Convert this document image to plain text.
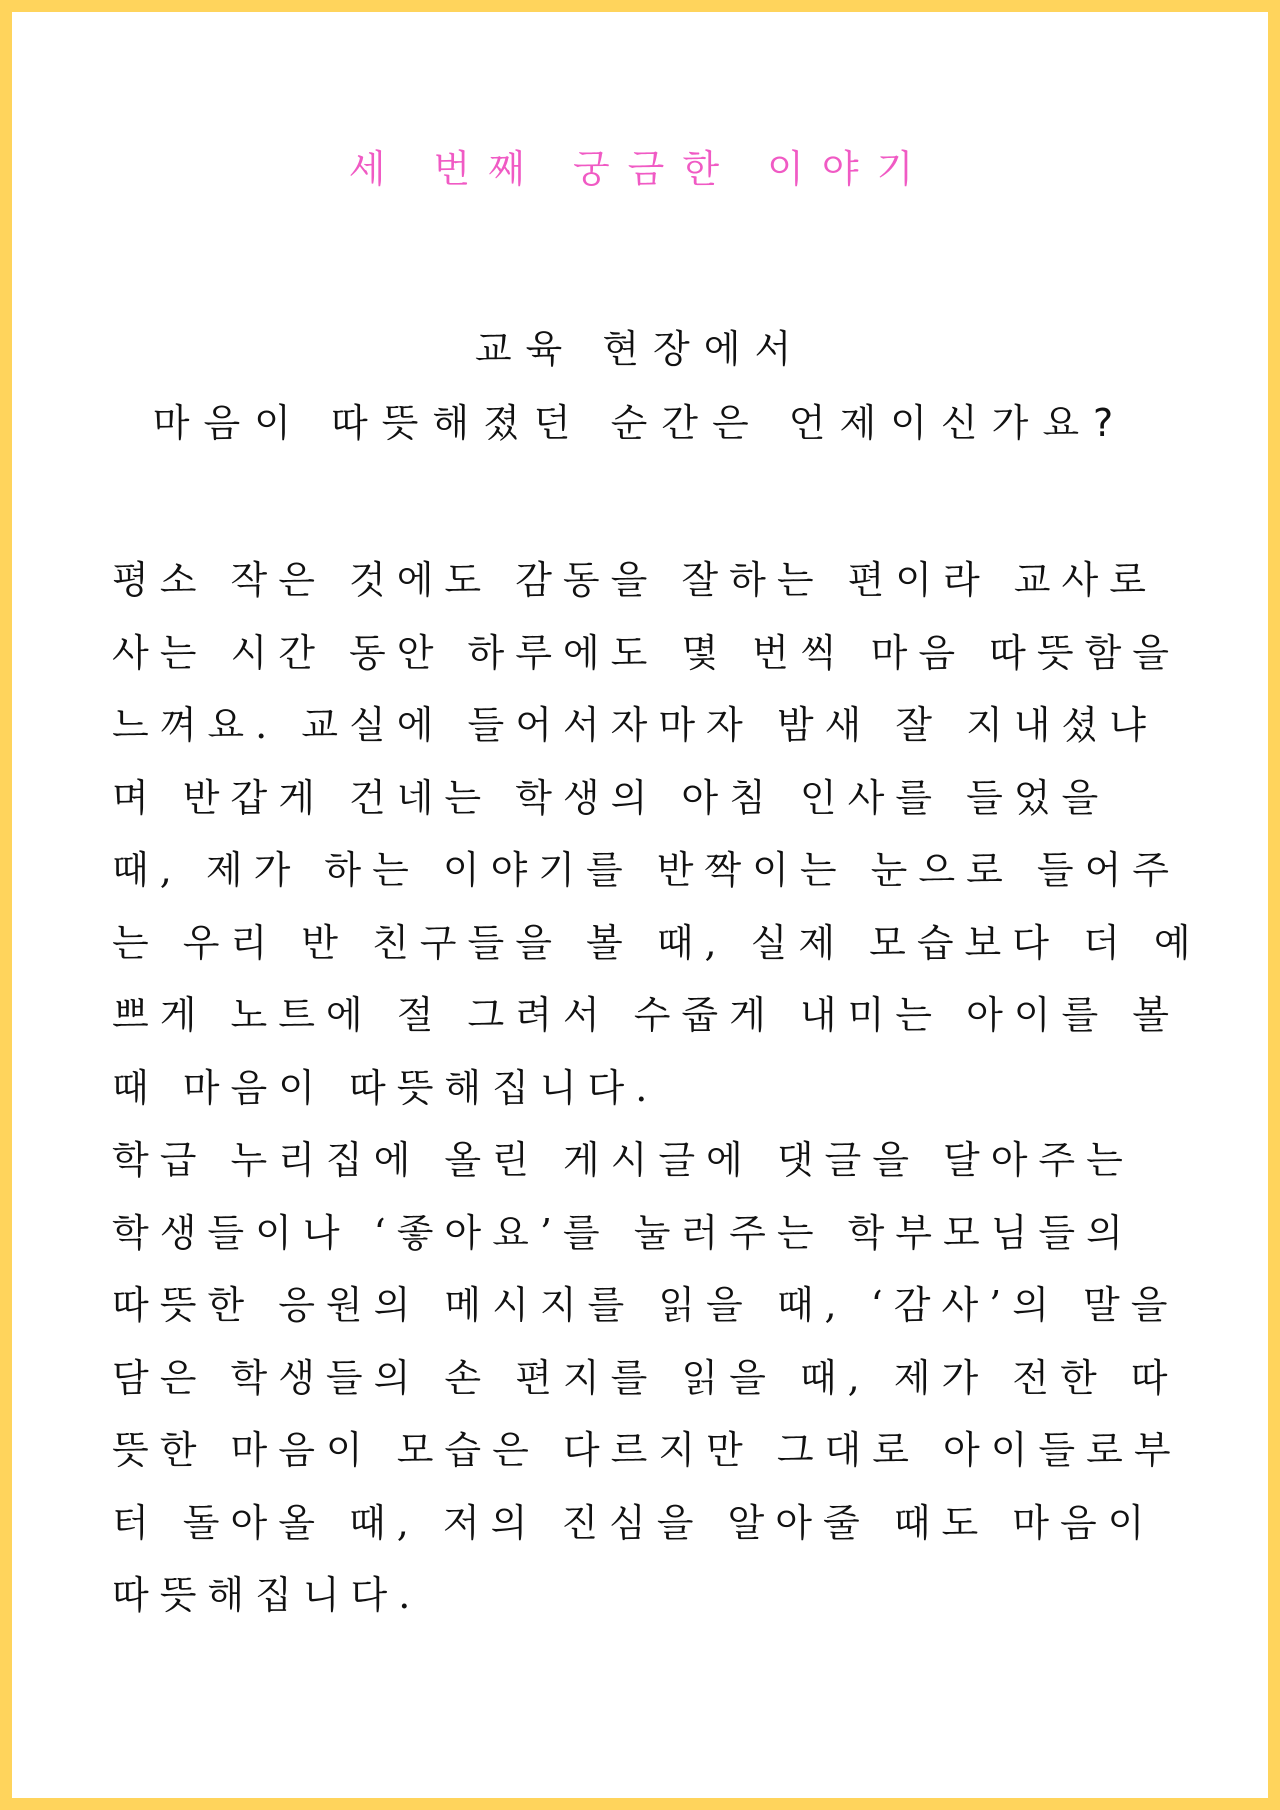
세 번째 궁금한 이야기
교육 현장에서
마음이 따뜻해졌던 순간은 언제이신가요?
평소 작은 것에도 감동을 잘하는 편이라 교사로
사는 시간 동안 하루에도 몇 번씩 마음 따뜻함을
느껴요. 교실에 들어서자마자 밤새 잘 지내셨냐
며 반갑게 건네는 학생의 아침 인사를 들었을
때, 제가 하는 이야기를 반짝이는 눈으로 들어주
는 우리 반 친구들을 볼 때, 실제 모습보다 더 예
쁘게 노트에 절 그려서 수줍게 내미는 아이를 볼
때 마음이 따뜻해집니다.
학급 누리집에 올린 게시글에 댓글을 달아주는
학생들이나 ‘좋아요’를 눌러주는 학부모님들의
따뜻한 응원의 메시지를 읽을 때, ‘감사’의 말을
담은 학생들의 손 편지를 읽을 때, 제가 전한 따
뜻한 마음이 모습은 다르지만 그대로 아이들로부
터 돌아올 때, 저의 진심을 알아줄 때도 마음이
따뜻해집니다.
